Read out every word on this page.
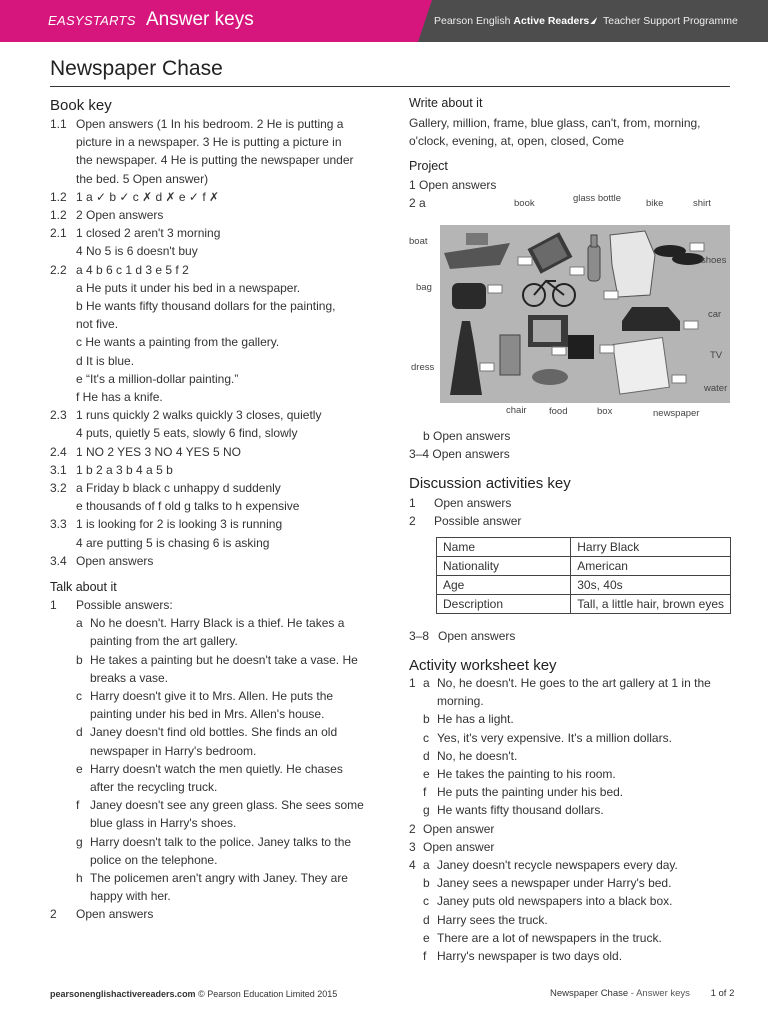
EASYSTARTS Answer keys	Pearson English Active Readers Teacher Support Programme
Newspaper Chase
Book key
1.1 Open answers (1 In his bedroom. 2 He is putting a
picture in a newspaper. 3 He is putting a picture in
the newspaper. 4 He is putting the newspaper under
the bed. 5 Open answer)
1.2 1 a ✓ b ✓ c ✗ d ✗ e ✓ f ✗
1.2 2 Open answers
2.1 1 closed 2 aren't 3 morning
4 No 5 is 6 doesn't buy
2.2 a 4 b 6 c 1 d 3 e 5 f 2
a He puts it under his bed in a newspaper.
b He wants fifty thousand dollars for the painting,
not five.
c He wants a painting from the gallery.
d It is blue.
e “It's a million-dollar painting.”
f He has a knife.
2.3 1 runs quickly 2 walks quickly 3 closes, quietly
4 puts, quietly 5 eats, slowly 6 find, slowly
2.4 1 NO 2 YES 3 NO 4 YES 5 NO
3.1 1 b 2 a 3 b 4 a 5 b
3.2 a Friday b black c unhappy d suddenly
e thousands of f old g talks to h expensive
3.3 1 is looking for 2 is looking 3 is running
4 are putting 5 is chasing 6 is asking
3.4 Open answers
Talk about it
1 Possible answers:
a No he doesn't. Harry Black is a thief. He takes a
painting from the art gallery.
b He takes a painting but he doesn't take a vase. He
breaks a vase.
c Harry doesn't give it to Mrs. Allen. He puts the
painting under his bed in Mrs. Allen's house.
d Janey doesn't find old bottles. She finds an old
newspaper in Harry's bedroom.
e Harry doesn't watch the men quietly. He chases
after the recycling truck.
f Janey doesn't see any green glass. She sees some
blue glass in Harry's shoes.
g Harry doesn't talk to the police. Janey talks to the
police on the telephone.
h The policemen aren't angry with Janey. They are
happy with her.
2 Open answers
Write about it
Gallery, million, frame, blue glass, can't, from, morning,
o'clock, evening, at, open, closed, Come
Project
1 Open answers
2 a	book	glass bottle	bike	shirt
boat
shoes
bag
car
TV
dress
water
chair food	box	newspaper
b Open answers
3–4 Open answers
Discussion activities key
1 Open answers
2 Possible answer
Name	Harry Black
Nationality	American
Age	30s, 40s
Description	Tall, a little hair, brown eyes
3–8 Open answers
Activity worksheet key
1 a No, he doesn't. He goes to the art gallery at 1 in the
morning.
b He has a light.
c Yes, it's very expensive. It's a million dollars.
d No, he doesn't.
e He takes the painting to his room.
f He puts the painting under his bed.
g He wants fifty thousand dollars.
2 Open answer
3 Open answer
4 a Janey doesn't recycle newspapers every day.
b Janey sees a newspaper under Harry's bed.
c Janey puts old newspapers into a black box.
d Harry sees the truck.
e There are a lot of newspapers in the truck.
f Harry's newspaper is two days old.
pearsonenglishactivereaders.com © Pearson Education Limited 2015	Newspaper Chase - Answer keys 1 of 2
